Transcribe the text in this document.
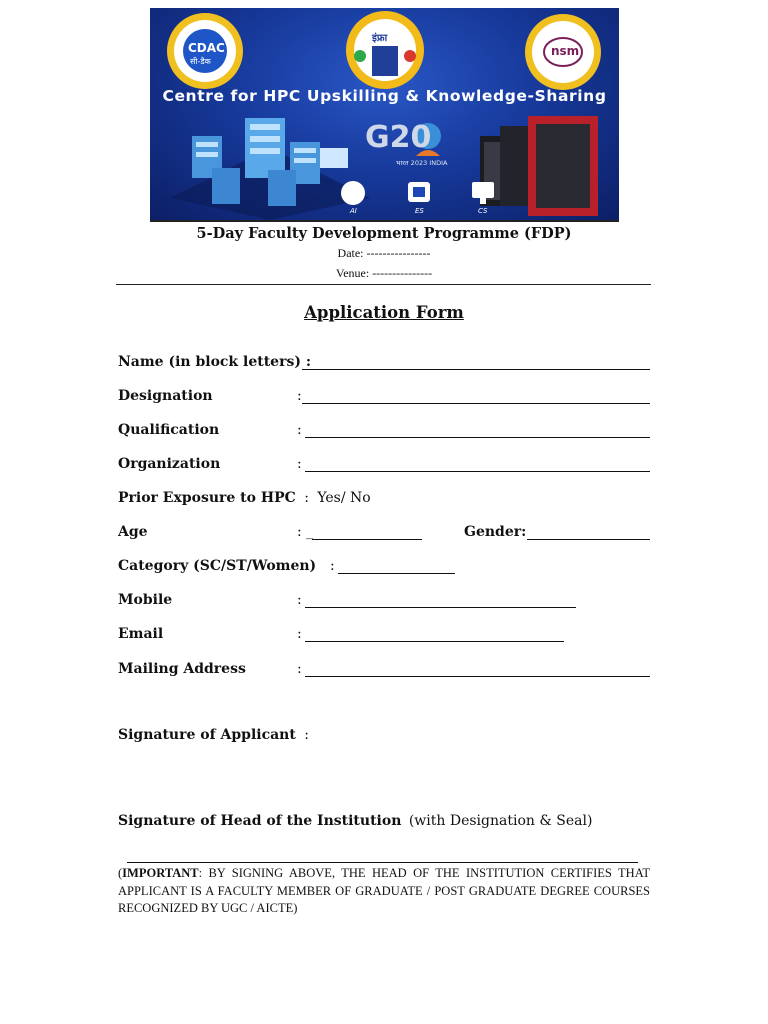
Centre for HPC Upskilling & Knowledge-Sharing
CDAC
सी-डैक
इंफ्रा
nsm
G20
भारत 2023 INDIA
AI	ES	CS
5-Day Faculty Development Programme (FDP)
Date: ----------------
Venue: ---------------
Application Form
Name (in block letters) :
Designation	:
Qualification	:
Organization	:
Prior Exposure to HPC : Yes/ No
Age	: _	Gender:
Category (SC/ST/Women) :
Mobile	:
Email	:
Mailing Address	:
Signature of Applicant :
Signature of Head of the Institution (with Designation & Seal)
(IMPORTANT: BY SIGNING ABOVE, THE HEAD OF THE INSTITUTION CERTIFIES THAT APPLICANT IS A FACULTY MEMBER OF GRADUATE / POST GRADUATE DEGREE COURSES RECOGNIZED BY UGC / AICTE)
